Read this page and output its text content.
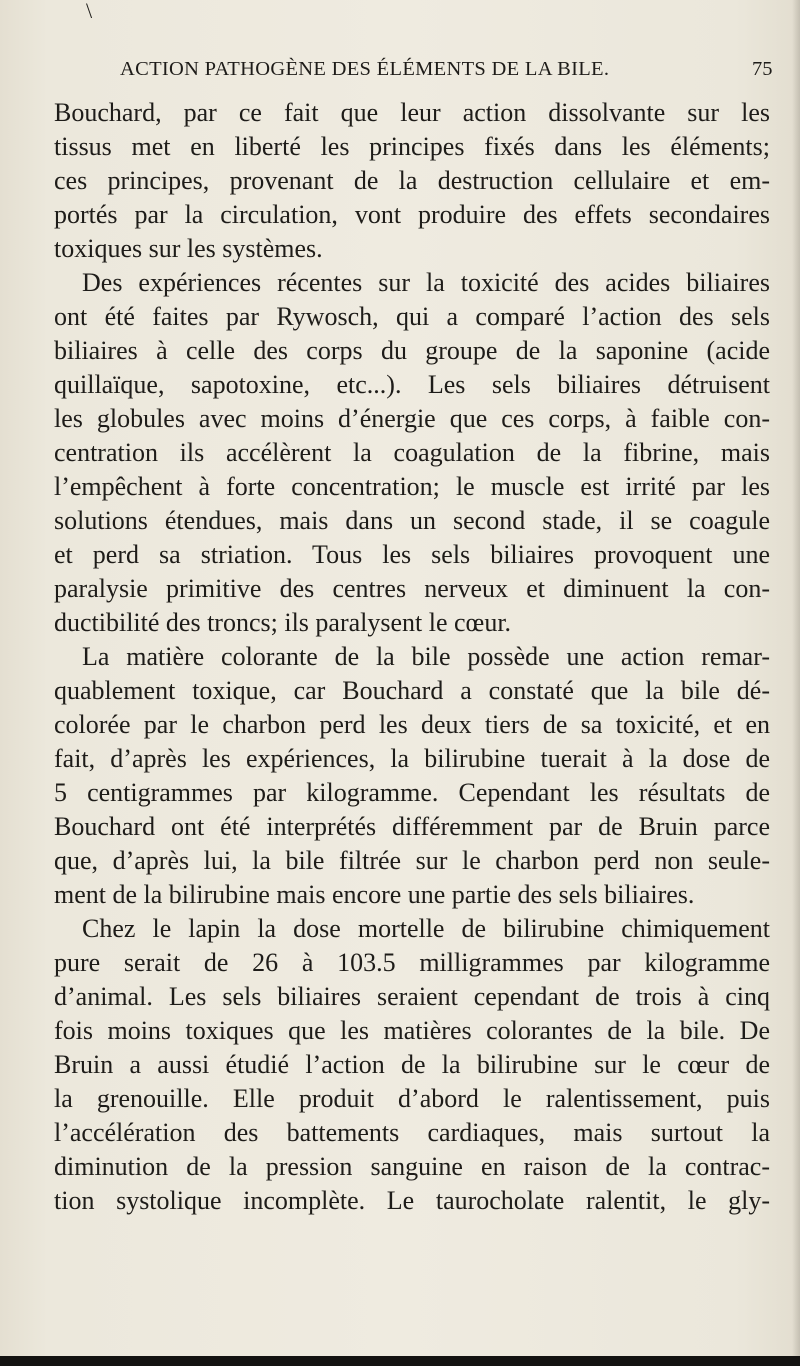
\
ACTION PATHOGÈNE DES ÉLÉMENTS DE LA BILE.	75
Bouchard, par ce fait que leur action dissolvante sur les
tissus met en liberté les principes fixés dans les éléments;
ces principes, provenant de la destruction cellulaire et em-
portés par la circulation, vont produire des effets secondaires
toxiques sur les systèmes.
Des expériences récentes sur la toxicité des acides biliaires
ont été faites par Rywosch, qui a comparé l’action des sels
biliaires à celle des corps du groupe de la saponine (acide
quillaïque, sapotoxine, etc...). Les sels biliaires détruisent
les globules avec moins d’énergie que ces corps, à faible con-
centration ils accélèrent la coagulation de la fibrine, mais
l’empêchent à forte concentration; le muscle est irrité par les
solutions étendues, mais dans un second stade, il se coagule
et perd sa striation. Tous les sels biliaires provoquent une
paralysie primitive des centres nerveux et diminuent la con-
ductibilité des troncs; ils paralysent le cœur.
La matière colorante de la bile possède une action remar-
quablement toxique, car Bouchard a constaté que la bile dé-
colorée par le charbon perd les deux tiers de sa toxicité, et en
fait, d’après les expériences, la bilirubine tuerait à la dose de
5 centigrammes par kilogramme. Cependant les résultats de
Bouchard ont été interprétés différemment par de Bruin parce
que, d’après lui, la bile filtrée sur le charbon perd non seule-
ment de la bilirubine mais encore une partie des sels biliaires.
Chez le lapin la dose mortelle de bilirubine chimiquement
pure serait de 26 à 103.5 milligrammes par kilogramme
d’animal. Les sels biliaires seraient cependant de trois à cinq
fois moins toxiques que les matières colorantes de la bile. De
Bruin a aussi étudié l’action de la bilirubine sur le cœur de
la grenouille. Elle produit d’abord le ralentissement, puis
l’accélération des battements cardiaques, mais surtout la
diminution de la pression sanguine en raison de la contrac-
tion systolique incomplète. Le taurocholate ralentit, le gly-
